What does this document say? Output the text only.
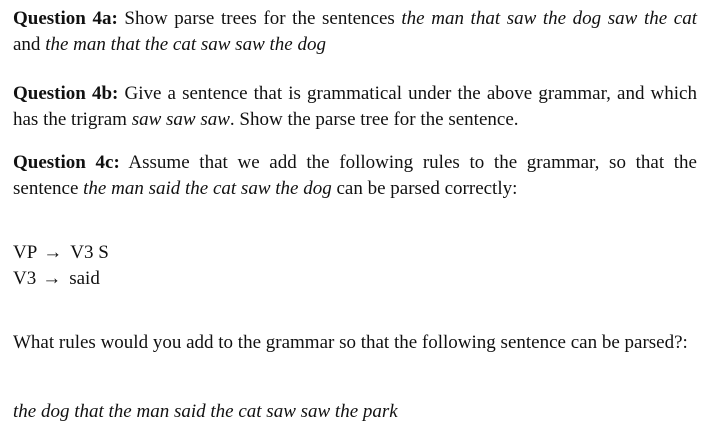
Question 4a: Show parse trees for the sentences the man that saw the dog saw the cat and the man that the cat saw saw the dog

Question 4b: Give a sentence that is grammatical under the above grammar, and which has the trigram saw saw saw. Show the parse tree for the sentence.

Question 4c: Assume that we add the following rules to the grammar, so that the sentence the man said the cat saw the dog can be parsed correctly:

VP → V3 S
V3 → said

What rules would you add to the grammar so that the following sentence can be parsed?:

the dog that the man said the cat saw saw the park
